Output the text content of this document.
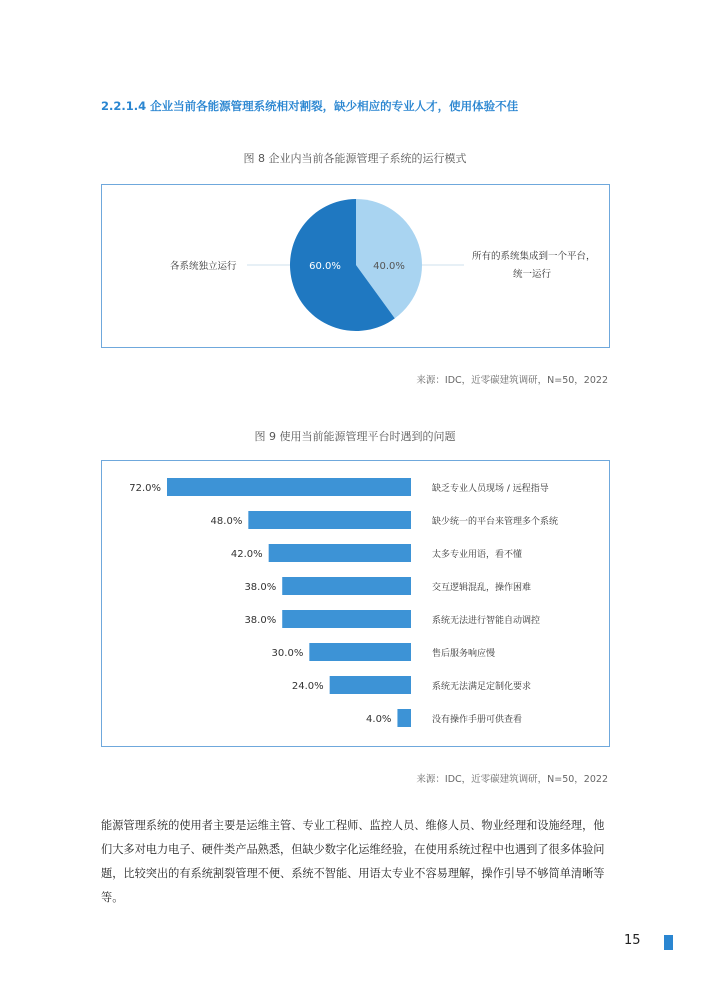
2.2.1.4 企业当前各能源管理系统相对割裂，缺少相应的专业人才，使用体验不佳
图 8 企业内当前各能源管理子系统的运行模式
60.0%	40.0%
各系统独立运行
所有的系统集成到一个平台，
统一运行
来源：IDC，近零碳建筑调研，N=50，2022
图 9 使用当前能源管理平台时遇到的问题
72.0%	缺乏专业人员现场 / 远程指导
48.0%	缺少统一的平台来管理多个系统
42.0%	太多专业用语，看不懂
38.0%	交互逻辑混乱，操作困难
38.0%	系统无法进行智能自动调控
30.0%	售后服务响应慢
24.0%	系统无法满足定制化要求
4.0%	没有操作手册可供查看
来源：IDC，近零碳建筑调研，N=50，2022
能源管理系统的使用者主要是运维主管、专业工程师、监控人员、维修人员、物业经理和设施经理，他们大多对电力电子、硬件类产品熟悉，但缺少数字化运维经验，在使用系统过程中也遇到了很多体验问题，比较突出的有系统割裂管理不便、系统不智能、用语太专业不容易理解，操作引导不够简单清晰等等。
15
